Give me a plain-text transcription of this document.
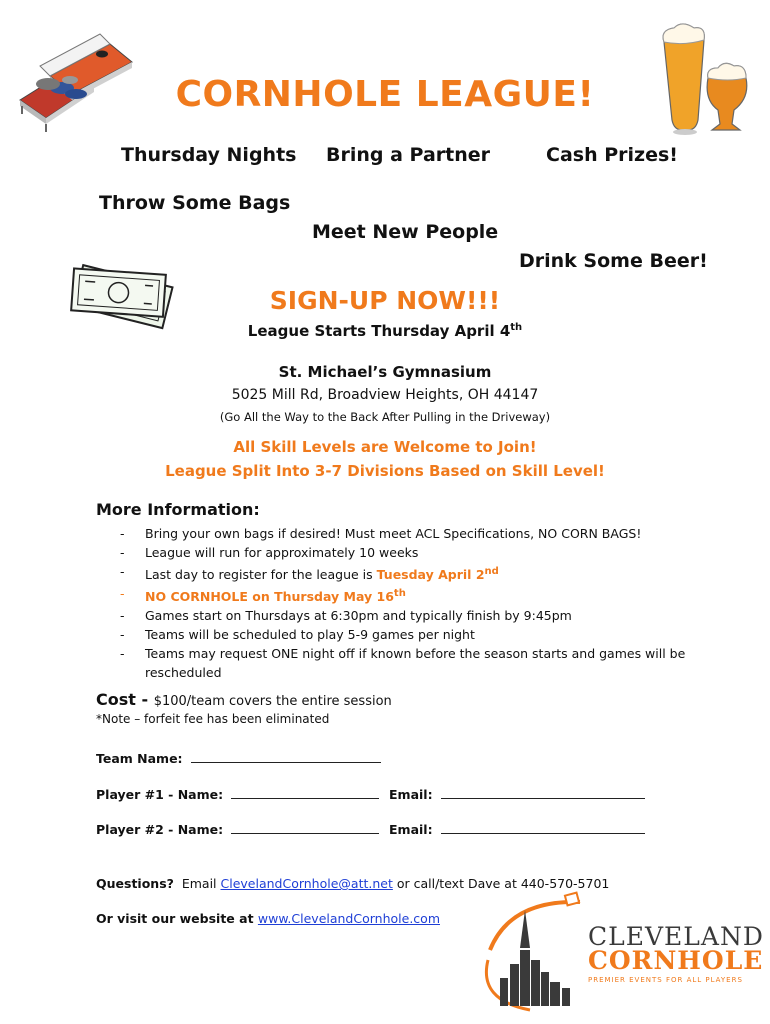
CORNHOLE LEAGUE!
Thursday Nights Bring a Partner	Cash Prizes!
Throw Some Bags
Meet New People
Drink Some Beer!
SIGN-UP NOW!!!
League Starts Thursday April 4th
St. Michael’s Gymnasium
5025 Mill Rd, Broadview Heights, OH 44147
(Go All the Way to the Back After Pulling in the Driveway)
All Skill Levels are Welcome to Join!
League Split Into 3-7 Divisions Based on Skill Level!
More Information:
- Bring your own bags if desired! Must meet ACL Specifications, NO CORN BAGS!
- League will run for approximately 10 weeks
- Last day to register for the league is Tuesday April 2nd
- NO CORNHOLE on Thursday May 16th
- Games start on Thursdays at 6:30pm and typically finish by 9:45pm
- Teams will be scheduled to play 5-9 games per night
- Teams may request ONE night off if known before the season starts and games will be rescheduled
Cost - $100/team covers the entire session
*Note – forfeit fee has been eliminated
Team Name:
Player #1 - Name:	Email:
Player #2 - Name:	Email:
Questions?  Email ClevelandCornhole@att.net or call/text Dave at 440-570-5701
Or visit our website at www.ClevelandCornhole.com
CLEVELAND
CORNHOLE
PREMIER EVENTS FOR ALL PLAYERS
